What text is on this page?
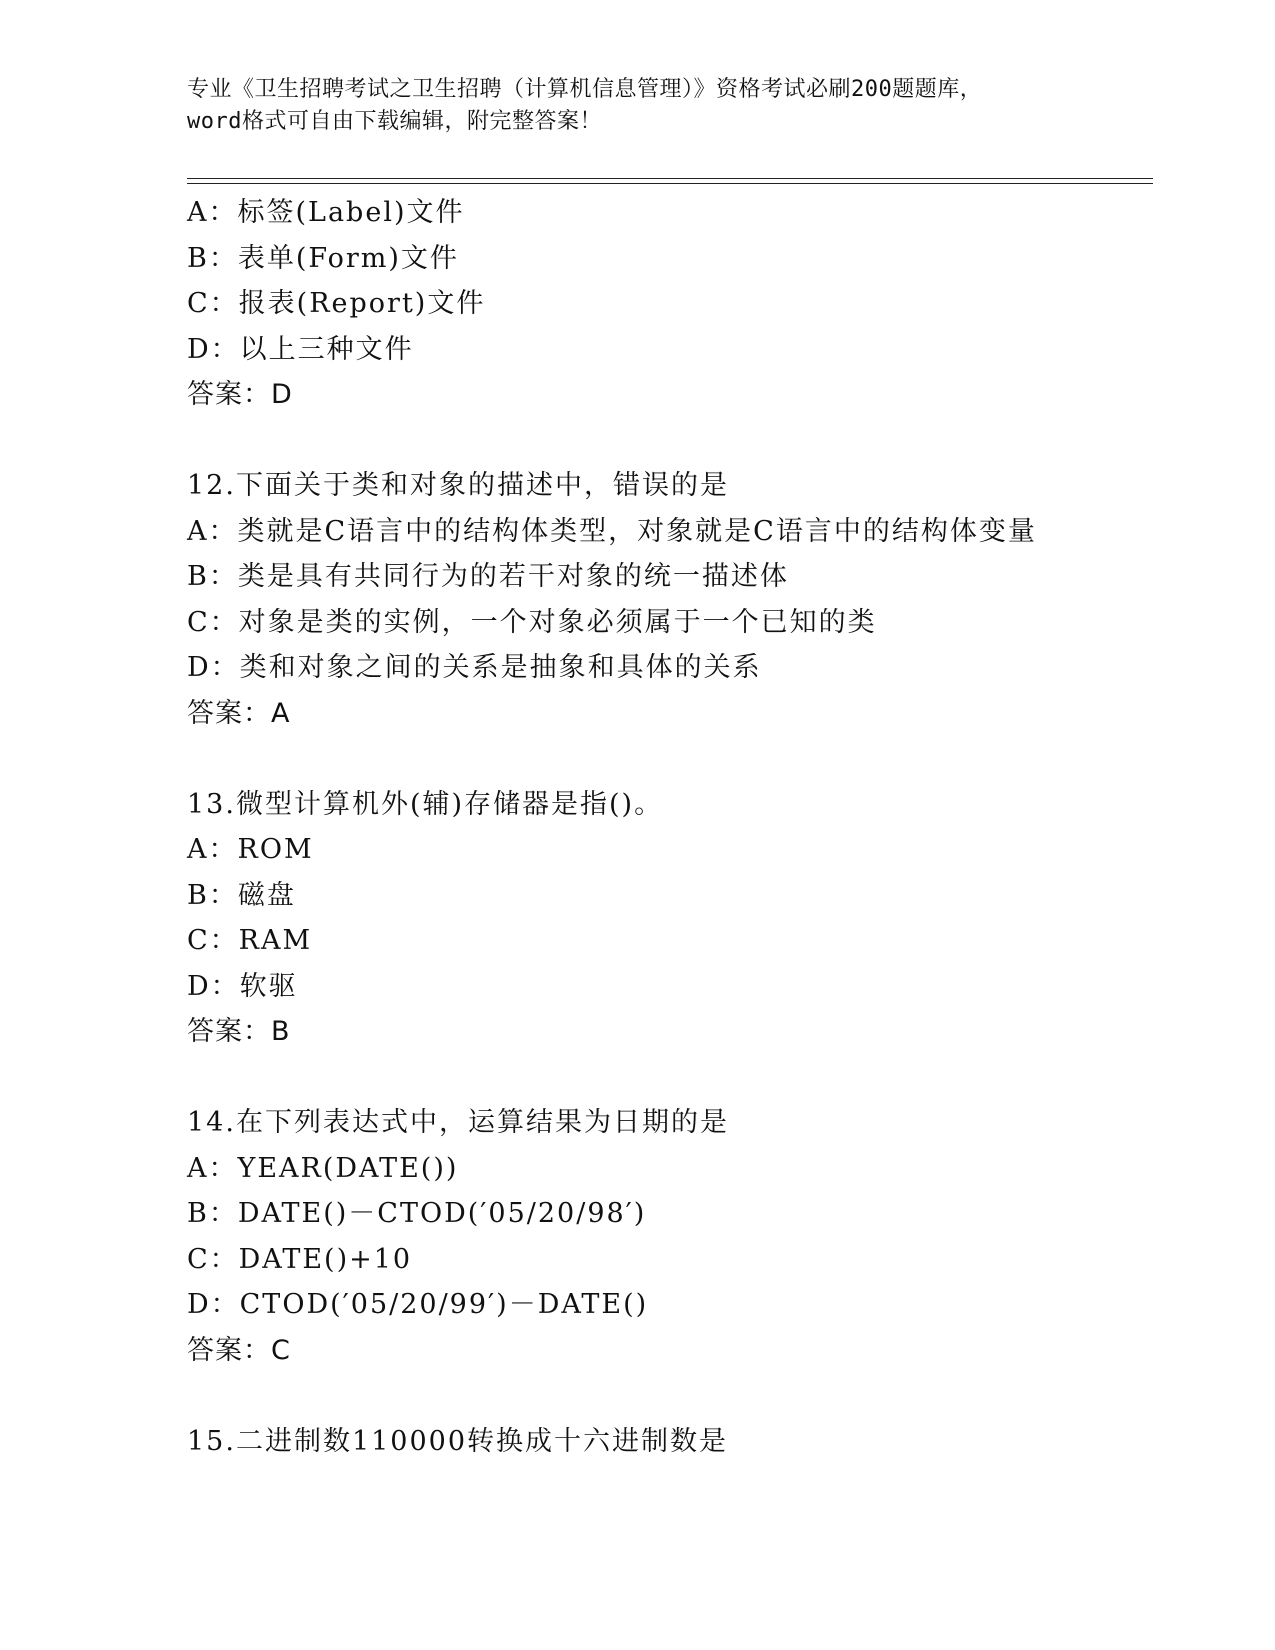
专业《卫生招聘考试之卫生招聘（计算机信息管理）》资格考试必刷200题题库，
word格式可自由下载编辑，附完整答案！
A：标签(Label)文件
B：表单(Form)文件
C：报表(Report)文件
D：以上三种文件
答案：D
12.下面关于类和对象的描述中，错误的是
A：类就是C语言中的结构体类型，对象就是C语言中的结构体变量
B：类是具有共同行为的若干对象的统一描述体
C：对象是类的实例，一个对象必须属于一个已知的类
D：类和对象之间的关系是抽象和具体的关系
答案：A
13.微型计算机外(辅)存储器是指()。
A：ROM
B：磁盘
C：RAM
D：软驱
答案：B
14.在下列表达式中，运算结果为日期的是
A：YEAR(DATE())
B：DATE()－CTOD(′05/20/98′)
C：DATE()+10
D：CTOD(′05/20/99′)－DATE()
答案：C
15.二进制数110000转换成十六进制数是
